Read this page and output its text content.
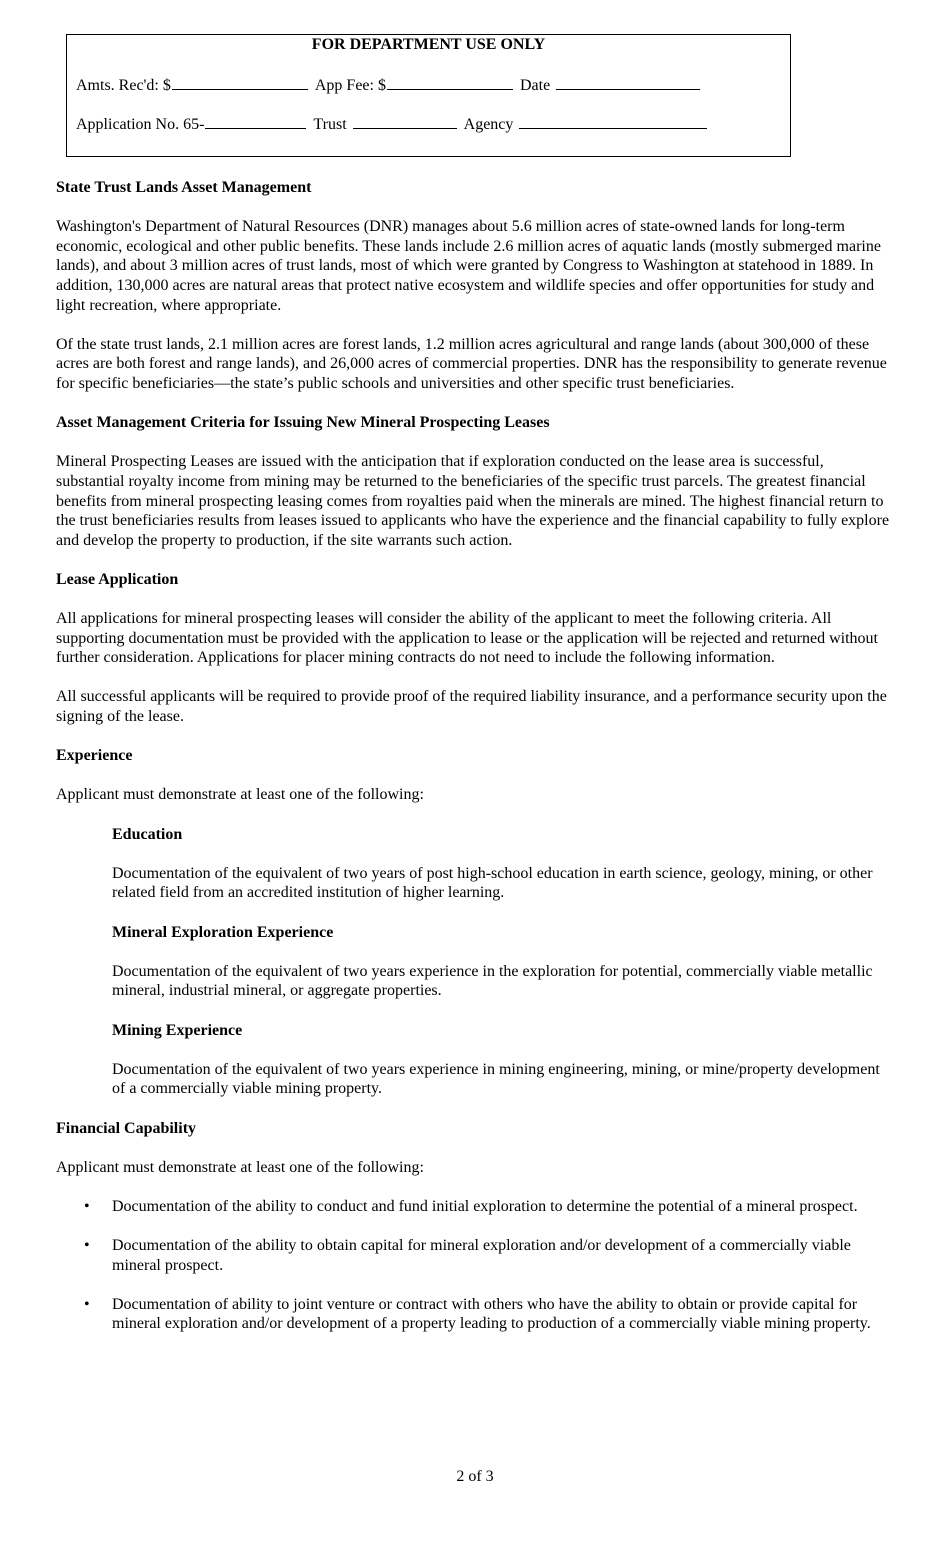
FOR DEPARTMENT USE ONLY
Amts. Rec'd: $	App Fee: $	Date
Application No. 65-	Trust	Agency
State Trust Lands Asset Management

Washington's Department of Natural Resources (DNR) manages about 5.6 million acres of state-owned lands for long-term economic, ecological and other public benefits. These lands include 2.6 million acres of aquatic lands (mostly submerged marine lands), and about 3 million acres of trust lands, most of which were granted by Congress to Washington at statehood in 1889. In addition, 130,000 acres are natural areas that protect native ecosystem and wildlife species and offer opportunities for study and light recreation, where appropriate.

Of the state trust lands, 2.1 million acres are forest lands, 1.2 million acres agricultural and range lands (about 300,000 of these acres are both forest and range lands), and 26,000 acres of commercial properties. DNR has the responsibility to generate revenue for specific beneficiaries—the state’s public schools and universities and other specific trust beneficiaries.

Asset Management Criteria for Issuing New Mineral Prospecting Leases

Mineral Prospecting Leases are issued with the anticipation that if exploration conducted on the lease area is successful, substantial royalty income from mining may be returned to the beneficiaries of the specific trust parcels. The greatest financial benefits from mineral prospecting leasing comes from royalties paid when the minerals are mined. The highest financial return to the trust beneficiaries results from leases issued to applicants who have the experience and the financial capability to fully explore and develop the property to production, if the site warrants such action.

Lease Application

All applications for mineral prospecting leases will consider the ability of the applicant to meet the following criteria. All supporting documentation must be provided with the application to lease or the application will be rejected and returned without further consideration. Applications for placer mining contracts do not need to include the following information.

All successful applicants will be required to provide proof of the required liability insurance, and a performance security upon the signing of the lease.

Experience

Applicant must demonstrate at least one of the following:

Education

Documentation of the equivalent of two years of post high-school education in earth science, geology, mining, or other related field from an accredited institution of higher learning.

Mineral Exploration Experience

Documentation of the equivalent of two years experience in the exploration for potential, commercially viable metallic mineral, industrial mineral, or aggregate properties.

Mining Experience

Documentation of the equivalent of two years experience in mining engineering, mining, or mine/property development of a commercially viable mining property.

Financial Capability

Applicant must demonstrate at least one of the following:

• Documentation of the ability to conduct and fund initial exploration to determine the potential of a mineral prospect.
• Documentation of the ability to obtain capital for mineral exploration and/or development of a commercially viable mineral prospect.
• Documentation of ability to joint venture or contract with others who have the ability to obtain or provide capital for mineral exploration and/or development of a property leading to production of a commercially viable mining property.
2 of 3
